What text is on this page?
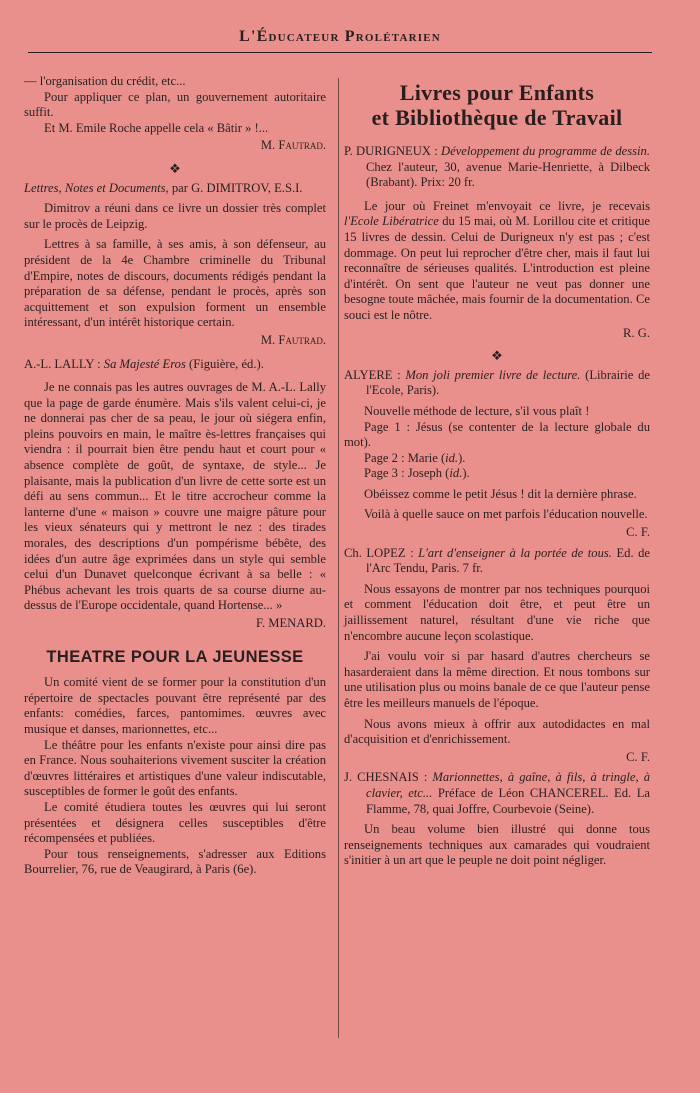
L'Éducateur Prolétarien

— l'organisation du crédit, etc...

Pour appliquer ce plan, un gouvernement autoritaire suffit.

Et M. Emile Roche appelle cela « Bâtir » !...

M. Fautrad.

❖

Lettres, Notes et Documents, par G. DIMITROV, E.S.I.

Dimitrov a réuni dans ce livre un dossier très complet sur le procès de Leipzig.

Lettres à sa famille, à ses amis, à son défenseur, au président de la 4e Chambre criminelle du Tribunal d'Empire, notes de discours, documents rédigés pendant la préparation de sa défense, pendant le procès, après son acquittement et son expulsion forment un ensemble intéressant, d'un intérêt historique certain.

M. Fautrad.

A.-L. LALLY : Sa Majesté Eros (Figuière, éd.).

Je ne connais pas les autres ouvrages de M. A.-L. Lally que la page de garde énumère. Mais s'ils valent celui-ci, je ne donnerai pas cher de sa peau, le jour où siégera enfin, pleins pouvoirs en main, le maître ès-lettres françaises qui viendra : il pourrait bien être pendu haut et court pour « absence complète de goût, de syntaxe, de style... Je plaisante, mais la publication d'un livre de cette sorte est un défi au sens commun... Et le titre accrocheur comme la lanterne d'une « maison » couvre une maigre pâture pour les vieux sénateurs qui y mettront le nez : des tirades morales, des descriptions d'un pompérisme bébête, des idées d'un autre âge exprimées dans un style qui semble celui d'un Dunavet quelconque écrivant à sa belle : « Phébus achevant les trois quarts de sa course diurne au-dessus de l'Europe occidentale, quand Hortense... »

F. MENARD.

THEATRE POUR LA JEUNESSE

Un comité vient de se former pour la constitution d'un répertoire de spectacles pouvant être représenté par des enfants: comédies, farces, pantomimes. œuvres avec musique et danses, marionnettes, etc...

Le théâtre pour les enfants n'existe pour ainsi dire pas en France. Nous souhaiterions vivement susciter la création d'œuvres littéraires et artistiques d'une valeur indiscutable, susceptibles de former le goût des enfants.

Le comité étudiera toutes les œuvres qui lui seront présentées et désignera celles susceptibles d'être récompensées et publiées.

Pour tous renseignements, s'adresser aux Editions Bourrelier, 76, rue de Veaugirard, à Paris (6e).

Livres pour Enfants
et Bibliothèque de Travail

P. DURIGNEUX : Développement du programme de dessin. Chez l'auteur, 30, avenue Marie-Henriette, à Dilbeck (Brabant). Prix: 20 fr.

Le jour où Freinet m'envoyait ce livre, je recevais l'Ecole Libératrice du 15 mai, où M. Lorillou cite et critique 15 livres de dessin. Celui de Durigneux n'y est pas ; c'est dommage. On peut lui reprocher d'être cher, mais il faut lui reconnaître de sérieuses qualités. L'introduction est pleine d'intérêt. On sent que l'auteur ne veut pas donner une besogne toute mâchée, mais fournir de la documentation. Ce souci est le nôtre.

R. G.

❖

ALYERE : Mon joli premier livre de lecture. (Librairie de l'Ecole, Paris).

Nouvelle méthode de lecture, s'il vous plaît !

Page 1 : Jésus (se contenter de la lecture globale du mot).

Page 2 : Marie (id.).

Page 3 : Joseph (id.).

Obéissez comme le petit Jésus ! dit la dernière phrase.

Voilà à quelle sauce on met parfois l'éducation nouvelle.

C. F.

Ch. LOPEZ : L'art d'enseigner à la portée de tous. Ed. de l'Arc Tendu, Paris. 7 fr.

Nous essayons de montrer par nos techniques pourquoi et comment l'éducation doit être, et peut être un jaillissement naturel, résultant d'une vie riche que n'encombre aucune leçon scolastique.

J'ai voulu voir si par hasard d'autres chercheurs se hasarderaient dans la même direction. Et nous tombons sur une utilisation plus ou moins banale de ce que l'auteur pense être les meilleurs manuels de l'époque.

Nous avons mieux à offrir aux autodidactes en mal d'acquisition et d'enrichissement.

C. F.

J. CHESNAIS : Marionnettes, à gaîne, à fils, à tringle, à clavier, etc... Préface de Léon CHANCEREL. Ed. La Flamme, 78, quai Joffre, Courbevoie (Seine).

Un beau volume bien illustré qui donne tous renseignements techniques aux camarades qui voudraient s'initier à un art que le peuple ne doit point négliger.
